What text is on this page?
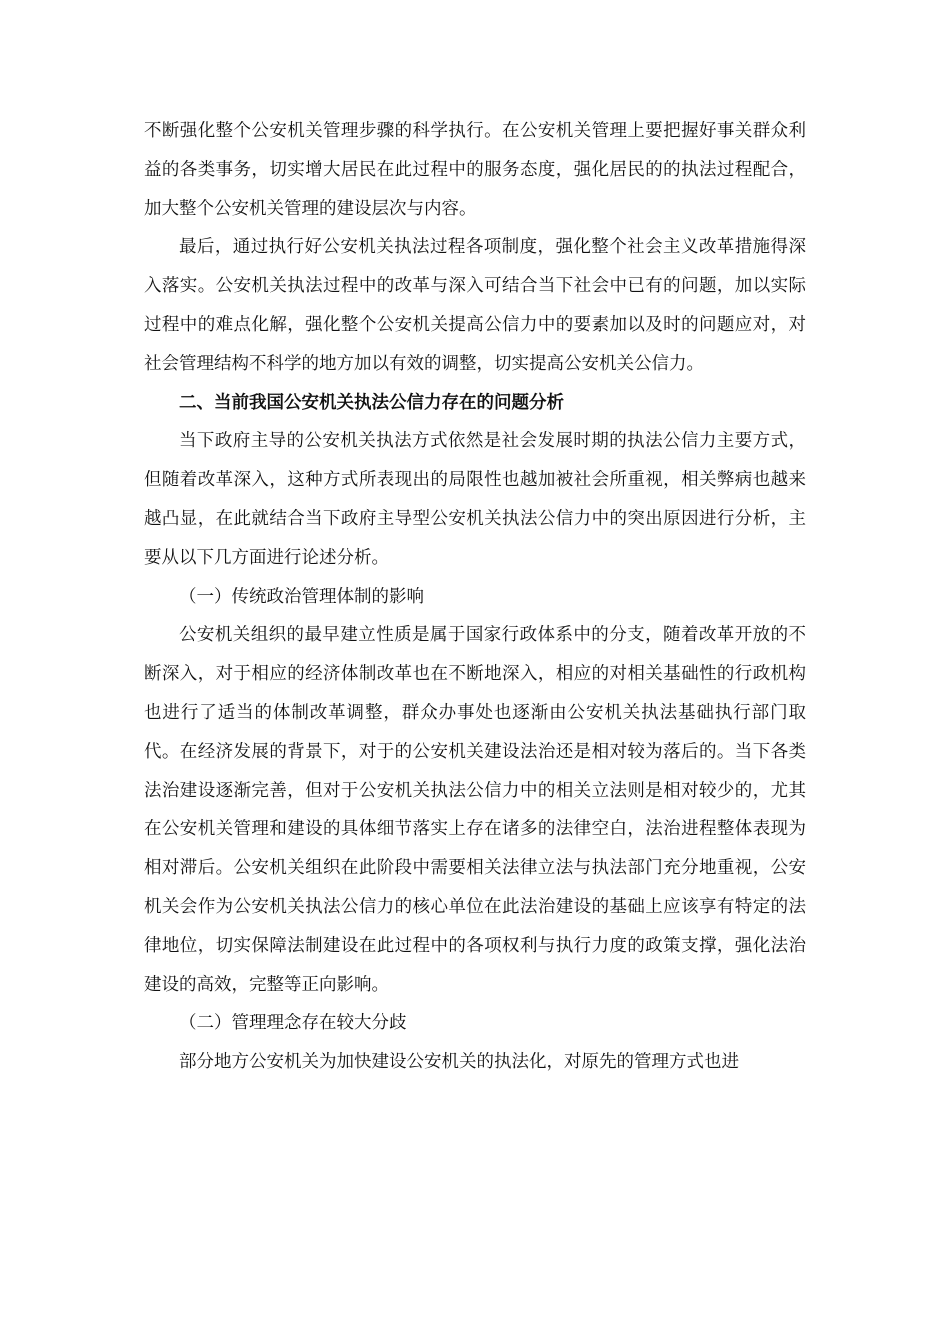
不断强化整个公安机关管理步骤的科学执行。在公安机关管理上要把握好事关群众利益的各类事务，切实增大居民在此过程中的服务态度，强化居民的的执法过程配合，加大整个公安机关管理的建设层次与内容。

最后，通过执行好公安机关执法过程各项制度，强化整个社会主义改革措施得深入落实。公安机关执法过程中的改革与深入可结合当下社会中已有的问题，加以实际过程中的难点化解，强化整个公安机关提高公信力中的要素加以及时的问题应对，对社会管理结构不科学的地方加以有效的调整，切实提高公安机关公信力。

二、当前我国公安机关执法公信力存在的问题分析

当下政府主导的公安机关执法方式依然是社会发展时期的执法公信力主要方式，但随着改革深入，这种方式所表现出的局限性也越加被社会所重视，相关弊病也越来越凸显，在此就结合当下政府主导型公安机关执法公信力中的突出原因进行分析，主要从以下几方面进行论述分析。

（一）传统政治管理体制的影响

公安机关组织的最早建立性质是属于国家行政体系中的分支，随着改革开放的不断深入，对于相应的经济体制改革也在不断地深入，相应的对相关基础性的行政机构也进行了适当的体制改革调整，群众办事处也逐渐由公安机关执法基础执行部门取代。在经济发展的背景下，对于的公安机关建设法治还是相对较为落后的。当下各类法治建设逐渐完善，但对于公安机关执法公信力中的相关立法则是相对较少的，尤其在公安机关管理和建设的具体细节落实上存在诸多的法律空白，法治进程整体表现为相对滞后。公安机关组织在此阶段中需要相关法律立法与执法部门充分地重视，公安机关会作为公安机关执法公信力的核心单位在此法治建设的基础上应该享有特定的法律地位，切实保障法制建设在此过程中的各项权利与执行力度的政策支撑，强化法治建设的高效，完整等正向影响。

（二）管理理念存在较大分歧

部分地方公安机关为加快建设公安机关的执法化，对原先的管理方式也进
